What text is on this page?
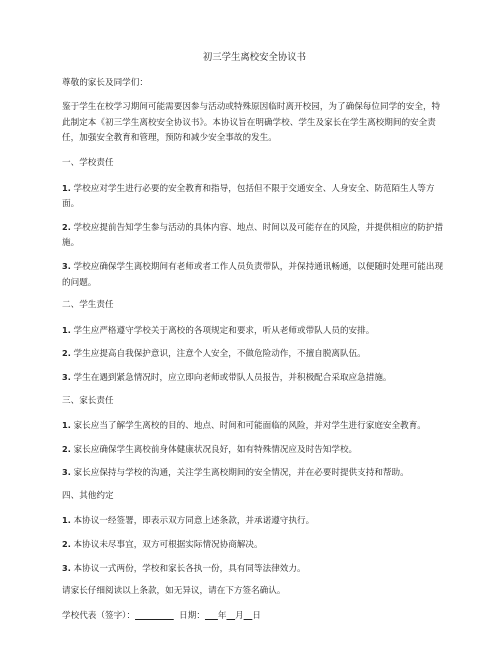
初三学生离校安全协议书
尊敬的家长及同学们：
鉴于学生在校学习期间可能需要因参与活动或特殊原因临时离开校园，为了确保每位同学的安全，特此制定本《初三学生离校安全协议书》。本协议旨在明确学校、学生及家长在学生离校期间的安全责任，加强安全教育和管理，预防和减少安全事故的发生。
一、学校责任
1. 学校应对学生进行必要的安全教育和指导，包括但不限于交通安全、人身安全、防范陌生人等方面。
2. 学校应提前告知学生参与活动的具体内容、地点、时间以及可能存在的风险，并提供相应的防护措施。
3. 学校应确保学生离校期间有老师或者工作人员负责带队，并保持通讯畅通，以便随时处理可能出现的问题。
二、学生责任
1. 学生应严格遵守学校关于离校的各项规定和要求，听从老师或带队人员的安排。
2. 学生应提高自我保护意识，注意个人安全，不做危险动作，不擅自脱离队伍。
3. 学生在遇到紧急情况时，应立即向老师或带队人员报告，并积极配合采取应急措施。
三、家长责任
1. 家长应当了解学生离校的目的、地点、时间和可能面临的风险，并对学生进行家庭安全教育。
2. 家长应确保学生离校前身体健康状况良好，如有特殊情况应及时告知学校。
3. 家长应保持与学校的沟通，关注学生离校期间的安全情况，并在必要时提供支持和帮助。
四、其他约定
1. 本协议一经签署，即表示双方同意上述条款，并承诺遵守执行。
2. 本协议未尽事宜，双方可根据实际情况协商解决。
3. 本协议一式两份，学校和家长各执一份，具有同等法律效力。
请家长仔细阅读以上条款，如无异议，请在下方签名确认。
学校代表（签字）：_________  日期：___年__月__日
